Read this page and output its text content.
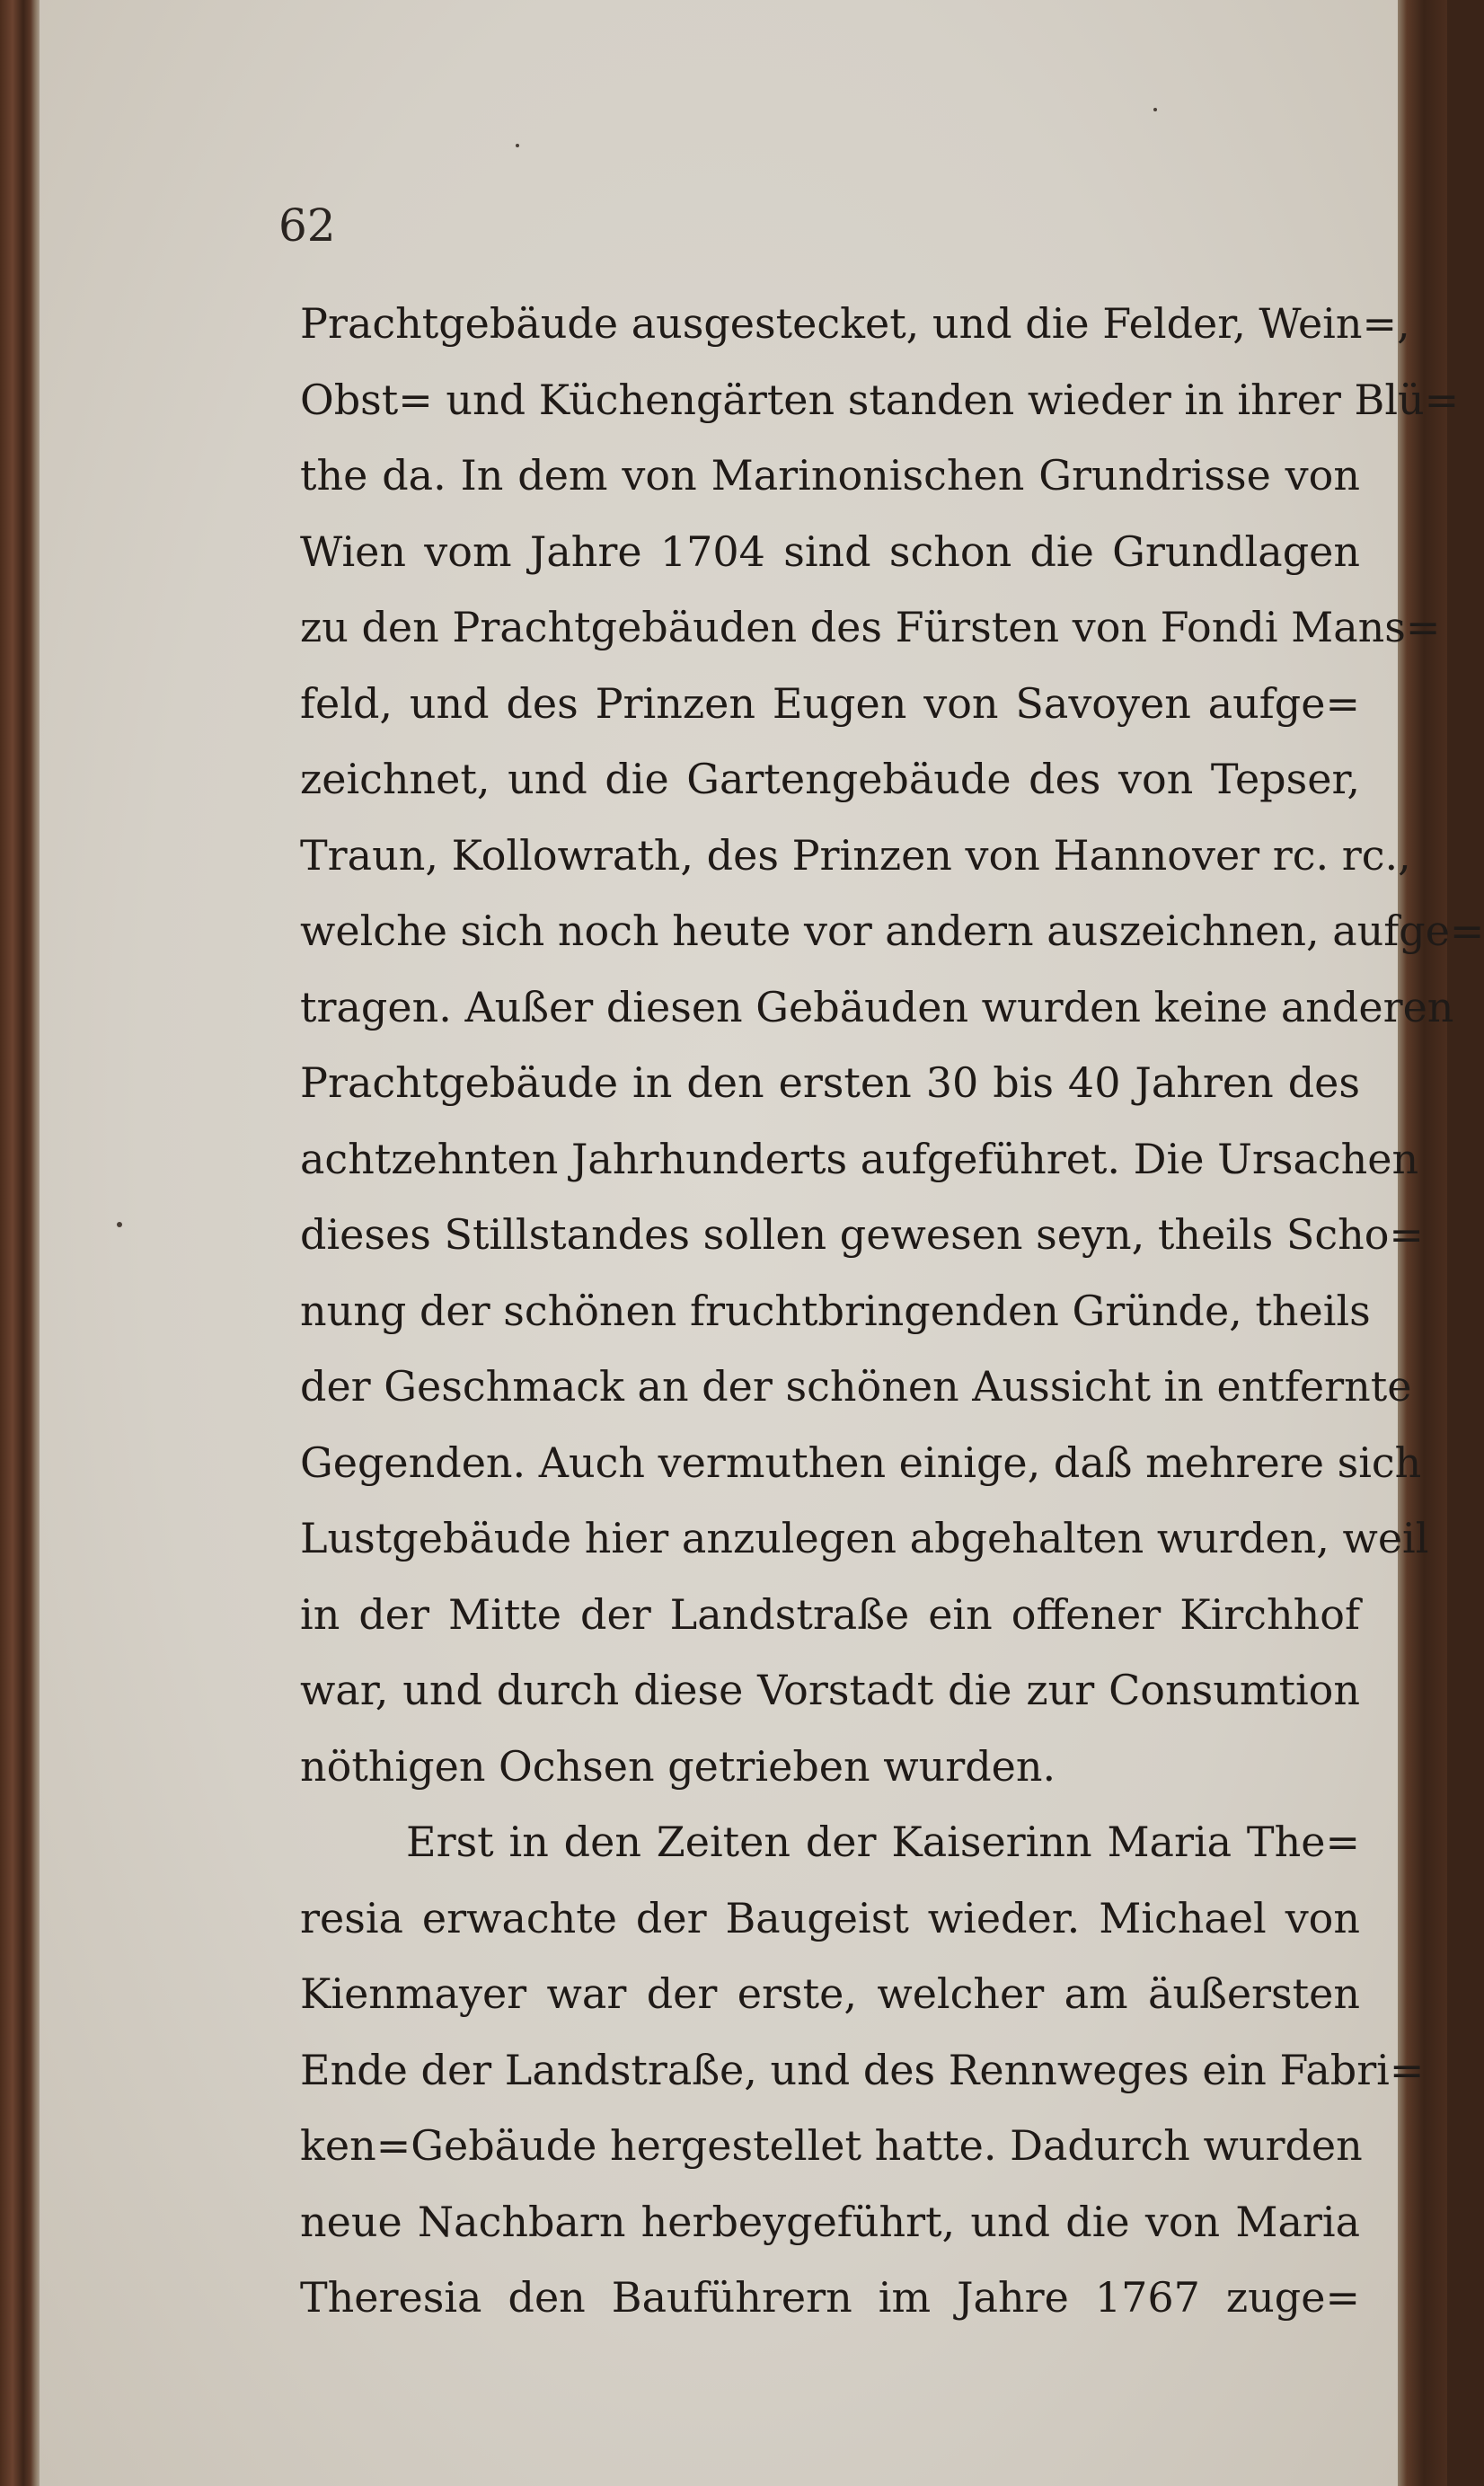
62
Prachtgebäude ausgestecket, und die Felder, Wein=,
Obst= und Küchengärten standen wieder in ihrer Blü=
the da. In dem von Marinonischen Grundrisse von
Wien vom Jahre 1704 sind schon die Grundlagen
zu den Prachtgebäuden des Fürsten von Fondi Mans=
feld, und des Prinzen Eugen von Savoyen aufge=
zeichnet, und die Gartengebäude des von Tepser,
Traun, Kollowrath, des Prinzen von Hannover rc. rc.,
welche sich noch heute vor andern auszeichnen, aufge=
tragen. Außer diesen Gebäuden wurden keine anderen
Prachtgebäude in den ersten 30 bis 40 Jahren des
achtzehnten Jahrhunderts aufgeführet. Die Ursachen
dieses Stillstandes sollen gewesen seyn, theils Scho=
nung der schönen fruchtbringenden Gründe, theils
der Geschmack an der schönen Aussicht in entfernte
Gegenden. Auch vermuthen einige, daß mehrere sich
Lustgebäude hier anzulegen abgehalten wurden, weil
in der Mitte der Landstraße ein offener Kirchhof
war, und durch diese Vorstadt die zur Consumtion
nöthigen Ochsen getrieben wurden.
Erst in den Zeiten der Kaiserinn Maria The=
resia erwachte der Baugeist wieder. Michael von
Kienmayer war der erste, welcher am äußersten
Ende der Landstraße, und des Rennweges ein Fabri=
ken=Gebäude hergestellet hatte. Dadurch wurden
neue Nachbarn herbeygeführt, und die von Maria
Theresia den Bauführern im Jahre 1767 zuge=
